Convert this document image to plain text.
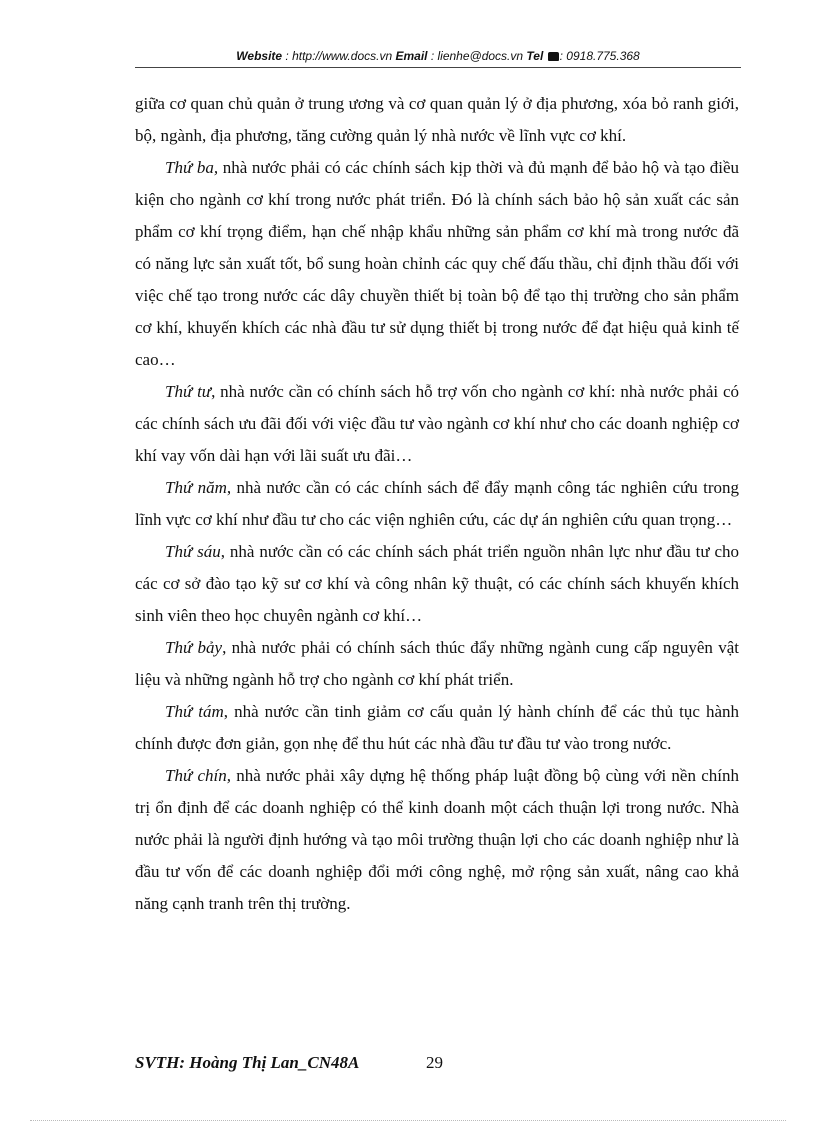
Website : http://www.docs.vn Email : lienhe@docs.vn Tel : 0918.775.368

giữa cơ quan chủ quản ở trung ương và cơ quan quản lý ở địa phương, xóa bỏ ranh giới, bộ, ngành, địa phương, tăng cường quản lý nhà nước về lĩnh vực cơ khí.

Thứ ba, nhà nước phải có các chính sách kịp thời và đủ mạnh để bảo hộ và tạo điều kiện cho ngành cơ khí trong nước phát triển. Đó là chính sách bảo hộ sản xuất các sản phẩm cơ khí trọng điểm, hạn chế nhập khẩu những sản phẩm cơ khí mà trong nước đã có năng lực sản xuất tốt, bổ sung hoàn chỉnh các quy chế đấu thầu, chỉ định thầu đối với việc chế tạo trong nước các dây chuyền thiết bị toàn bộ để tạo thị trường cho sản phẩm cơ khí, khuyến khích các nhà đầu tư sử dụng thiết bị trong nước để đạt hiệu quả kinh tế cao…

Thứ tư, nhà nước cần có chính sách hỗ trợ vốn cho ngành cơ khí: nhà nước phải có các chính sách ưu đãi đối với việc đầu tư vào ngành cơ khí như cho các doanh nghiệp cơ khí vay vốn dài hạn với lãi suất ưu đãi…

Thứ năm, nhà nước cần có các chính sách để đẩy mạnh công tác nghiên cứu trong lĩnh vực cơ khí như đầu tư cho các viện nghiên cứu, các dự án nghiên cứu quan trọng…

Thứ sáu, nhà nước cần có các chính sách phát triển nguồn nhân lực như đầu tư cho các cơ sở đào tạo kỹ sư cơ khí và công nhân kỹ thuật, có các chính sách khuyến khích sinh viên theo học chuyên ngành cơ khí…

Thứ bảy, nhà nước phải có chính sách thúc đẩy những ngành cung cấp nguyên vật liệu và những ngành hỗ trợ cho ngành cơ khí phát triển.

Thứ tám, nhà nước cần tinh giảm cơ cấu quản lý hành chính để các thủ tục hành chính được đơn giản, gọn nhẹ để thu hút các nhà đầu tư đầu tư vào trong nước.

Thứ chín, nhà nước phải xây dựng hệ thống pháp luật đồng bộ cùng với nền chính trị ổn định để các doanh nghiệp có thể kinh doanh một cách thuận lợi trong nước. Nhà nước phải là người định hướng và tạo môi trường thuận lợi cho các doanh nghiệp như là đầu tư vốn để các doanh nghiệp đổi mới công nghệ, mở rộng sản xuất, nâng cao khả năng cạnh tranh trên thị trường.

SVTH: Hoàng Thị Lan_CN48A	29
